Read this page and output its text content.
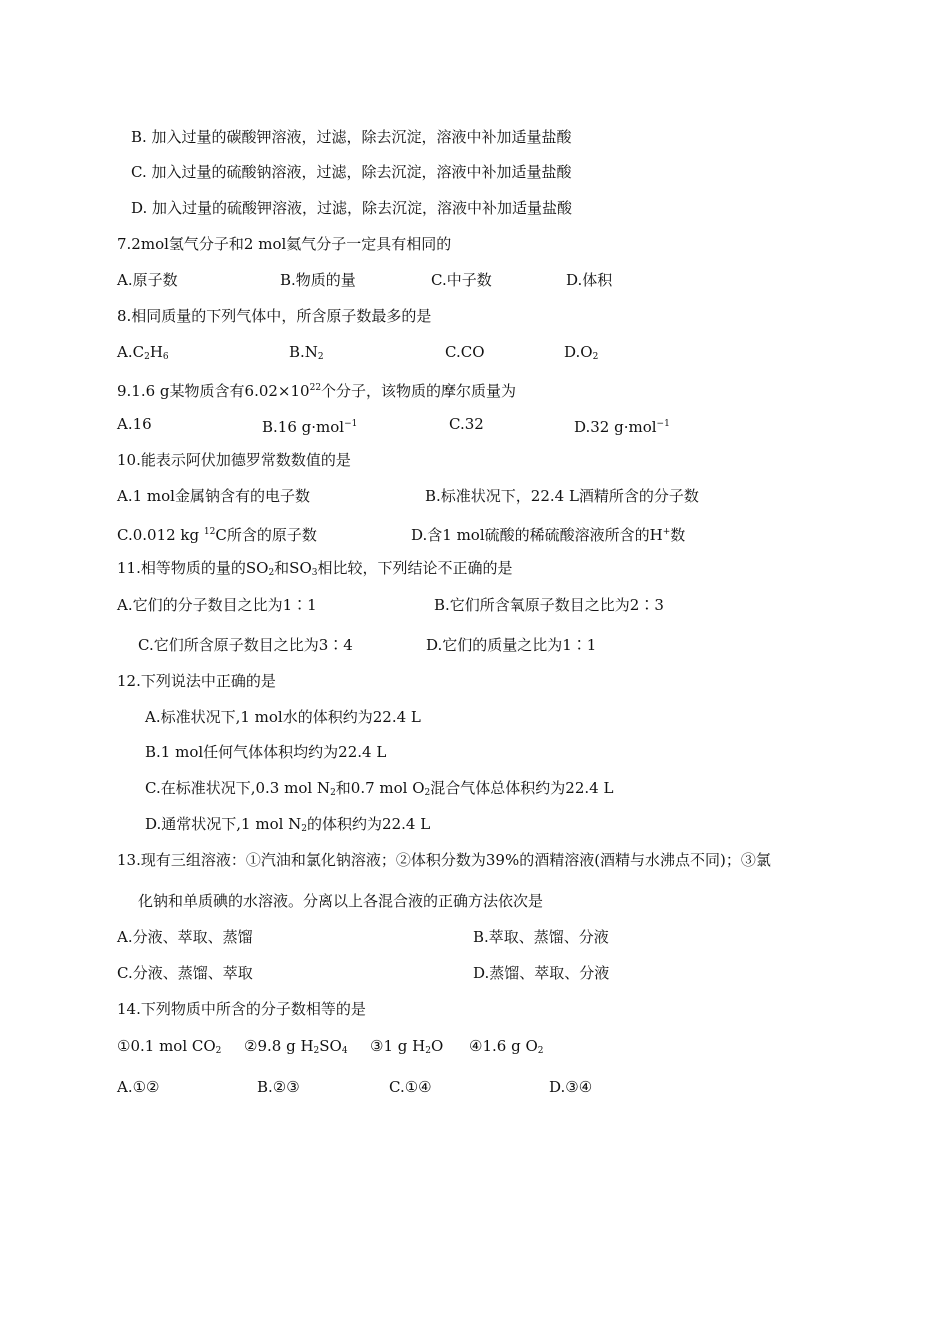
B. 加入过量的碳酸钾溶液，过滤，除去沉淀，溶液中补加适量盐酸
C. 加入过量的硫酸钠溶液，过滤，除去沉淀，溶液中补加适量盐酸
D. 加入过量的硫酸钾溶液，过滤，除去沉淀，溶液中补加适量盐酸
7.2mol氢气分子和2 mol氦气分子一定具有相同的
A.原子数	B.物质的量	C.中子数	D.体积
8.相同质量的下列气体中，所含原子数最多的是
$A.C_2H_6$	$B.N_2$	C.CO	$D.O_2$
9.1.6 g某物质含有$6.02\times 10^{22}$个分子，该物质的摩尔质量为
A.16	B.16 g·mol$^{-1}$	C.32	D.32 g·mol$^{-1}$
10.能表示阿伏加德罗常数数值的是
A.1 mol金属钠含有的电子数	B.标准状况下，22.4 L酒精所含的分子数
C.0.012 kg $^{12}$C所含的原子数	D.含1 mol硫酸的稀硫酸溶液所含的H+数
11.相等物质的量的$SO_2$和$SO_3$相比较，下列结论不正确的是
A.它们的分子数目之比为1∶1	B.它们所含氧原子数目之比为2∶3
C.它们所含原子数目之比为3∶4	D.它们的质量之比为1∶1
12.下列说法中正确的是
A.标准状况下,1 mol水的体积约为22.4 L
B.1 mol任何气体体积均约为22.4 L
C.在标准状况下,0.3 mol $N_2$和0.7 mol $O_2$混合气体总体积约为22.4 L
D.通常状况下,1 mol $N_2$的体积约为22.4 L
13.现有三组溶液：①汽油和氯化钠溶液；②体积分数为39%的酒精溶液(酒精与水沸点不同)；③氯
化钠和单质碘的水溶液。分离以上各混合液的正确方法依次是
A.分液、萃取、蒸馏	B.萃取、蒸馏、分液
C.分液、蒸馏、萃取	D.蒸馏、萃取、分液
14.下列物质中所含的分子数相等的是
①0.1 mol $CO_2$ ②9.8 g $H_2SO_4$ ③1 g $H_2O$ ④1.6 g $O_2$
A.①②	B.②③	C.①④	D.③④
